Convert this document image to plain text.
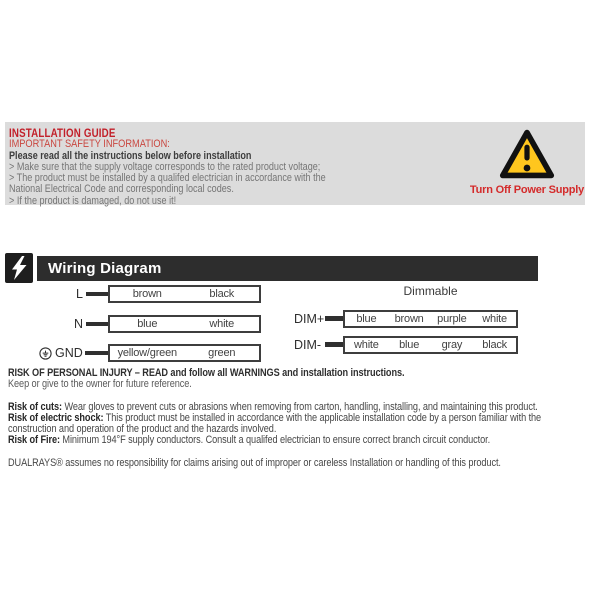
INSTALLATION GUIDE
IMPORTANT SAFETY INFORMATION:
Please read all the instructions below before installation
> Make sure that the supply voltage corresponds to the rated product voltage;
> The product must be installed by a qualifed electrician in accordance with the
National Electrical Code and corresponding local codes.
> If the product is damaged, do not use it!
Turn Off Power Supply
Wiring Diagram
L	brown	black
N	blue	white
GND	yellow/green	green
Dimmable
DIM+	blue	brown	purple	white
DIM-	white	blue	gray	black
RISK OF PERSONAL INJURY – READ and follow all WARNINGS and installation instructions.
Keep or give to the owner for future reference.
Risk of cuts: Wear gloves to prevent cuts or abrasions when removing from carton, handling, installing, and maintaining this product.
Risk of electric shock: This product must be installed in accordance with the applicable installation code by a person familiar with the
construction and operation of the product and the hazards involved.
Risk of Fire: Minimum 194°F supply conductors. Consult a qualifed electrician to ensure correct branch circuit conductor.
DUALRAYS® assumes no responsibility for claims arising out of improper or careless Installation or handling of this product.
